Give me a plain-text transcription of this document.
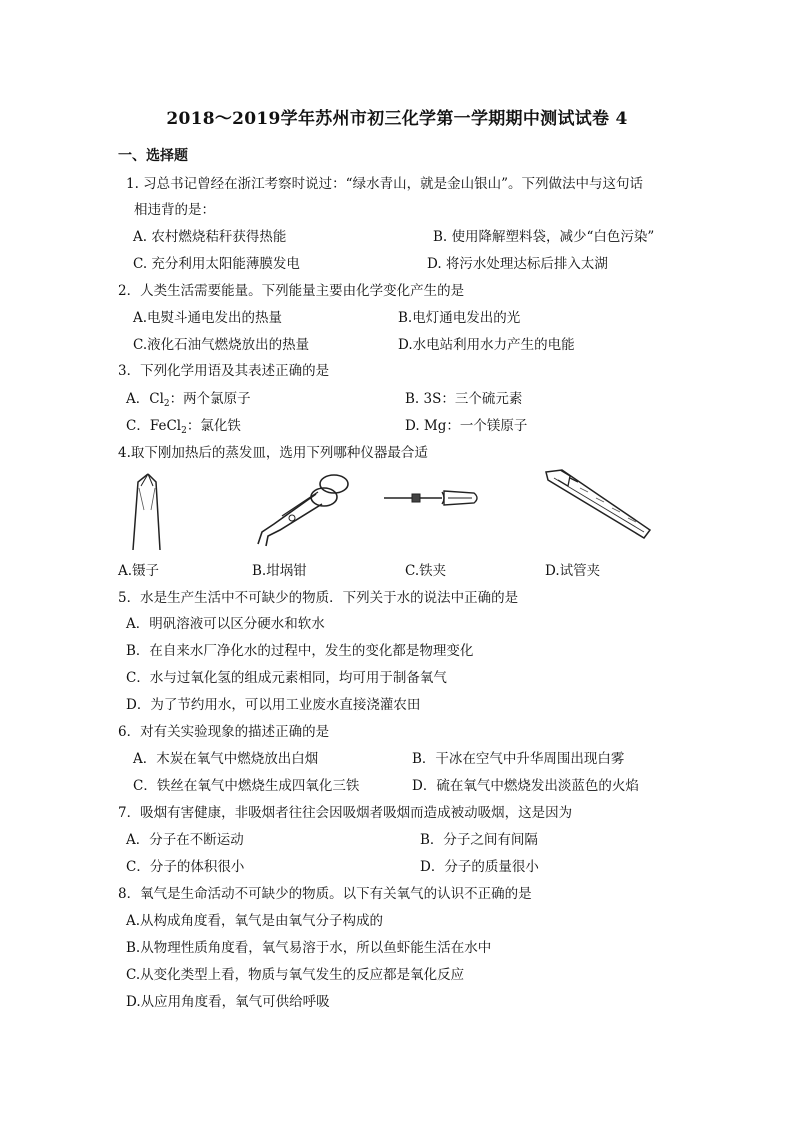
2018～2019学年苏州市初三化学第一学期期中测试试卷 4
一、选择题
1. 习总书记曾经在浙江考察时说过：“绿水青山，就是金山银山”。下列做法中与这句话
相违背的是：
A. 农村燃烧秸秆获得热能	B. 使用降解塑料袋，减少“白色污染”
C. 充分利用太阳能薄膜发电	D. 将污水处理达标后排入太湖
2．人类生活需要能量。下列能量主要由化学变化产生的是
A.电熨斗通电发出的热量	B.电灯通电发出的光
C.液化石油气燃烧放出的热量	D.水电站利用水力产生的电能
3．下列化学用语及其表述正确的是
A．$Cl_2$：两个氯原子	B. 3S：三个硫元素
C．FeCl$_2$：氯化铁	D. Mg：一个镁原子
4.取下刚加热后的蒸发皿，选用下列哪种仪器最合适
A.镊子	B.坩埚钳	C.铁夹	D.试管夹
5．水是生产生活中不可缺少的物质．下列关于水的说法中正确的是
A．明矾溶液可以区分硬水和软水
B．在自来水厂净化水的过程中，发生的变化都是物理变化
C．水与过氧化氢的组成元素相同，均可用于制备氧气
D．为了节约用水，可以用工业废水直接浇灌农田
6．对有关实验现象的描述正确的是
A．木炭在氧气中燃烧放出白烟	B．干冰在空气中升华周围出现白雾
C．铁丝在氧气中燃烧生成四氧化三铁	D．硫在氧气中燃烧发出淡蓝色的火焰
7．吸烟有害健康，非吸烟者往往会因吸烟者吸烟而造成被动吸烟，这是因为
A．分子在不断运动	B．分子之间有间隔
C．分子的体积很小	D．分子的质量很小
8．氧气是生命活动不可缺少的物质。以下有关氧气的认识不正确的是
A.从构成角度看，氧气是由氧气分子构成的
B.从物理性质角度看，氧气易溶于水，所以鱼虾能生活在水中
C.从变化类型上看，物质与氧气发生的反应都是氧化反应
D.从应用角度看，氧气可供给呼吸
